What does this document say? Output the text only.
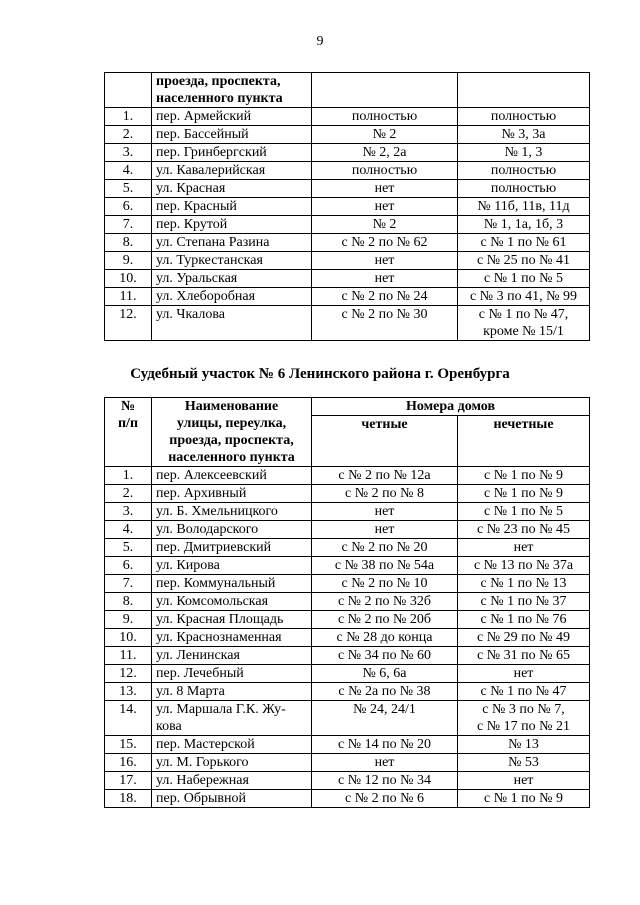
9
	проезда, проспекта,
населенного пункта		
1.	пер. Армейский	полностью	полностью
2.	пер. Бассейный	№ 2	№ 3, 3а
3.	пер. Гринбергский	№ 2, 2а	№ 1, 3
4.	ул. Кавалерийская	полностью	полностью
5.	ул. Красная	нет	полностью
6.	пер. Красный	нет	№ 11б, 11в, 11д
7.	пер. Крутой	№ 2	№ 1, 1а, 1б, 3
8.	ул. Степана Разина	с № 2 по № 62	с № 1 по № 61
9.	ул. Туркестанская	нет	с № 25 по № 41
10.	ул. Уральская	нет	с № 1 по № 5
11.	ул. Хлеборобная	с № 2 по № 24	с № 3 по 41, № 99
12.	ул. Чкалова	с № 2 по № 30	с № 1 по № 47,
кроме № 15/1
Судебный участок № 6 Ленинского района г. Оренбурга
№
п/п	Наименование
улицы, переулка,
проезда, проспекта,
населенного пункта	Номера домов	
		четные	нечетные
1.	пер. Алексеевский	с № 2 по № 12а	с № 1 по № 9
2.	пер. Архивный	с № 2 по № 8	с № 1 по № 9
3.	ул. Б. Хмельницкого	нет	с № 1 по № 5
4.	ул. Володарского	нет	с № 23 по № 45
5.	пер. Дмитриевский	с № 2 по № 20	нет
6.	ул. Кирова	с № 38 по № 54а	с № 13 по № 37а
7.	пер. Коммунальный	с № 2 по № 10	с № 1 по № 13
8.	ул. Комсомольская	с № 2 по № 32б	с № 1 по № 37
9.	ул. Красная Площадь	с № 2 по № 20б	с № 1 по № 76
10.	ул. Краснознаменная	с № 28 до конца	с № 29 по № 49
11.	ул. Ленинская	с № 34 по № 60	с № 31 по № 65
12.	пер. Лечебный	№ 6, 6а	нет
13.	ул. 8 Марта	с № 2а по № 38	с № 1 по № 47
14.	ул. Маршала Г.К. Жу-
кова	№ 24, 24/1	с № 3 по № 7,
с № 17 по № 21
15.	пер. Мастерской	с № 14 по № 20	№ 13
16.	ул. М. Горького	нет	№ 53
17.	ул. Набережная	с № 12 по № 34	нет
18.	пер. Обрывной	с № 2 по № 6	с № 1 по № 9
